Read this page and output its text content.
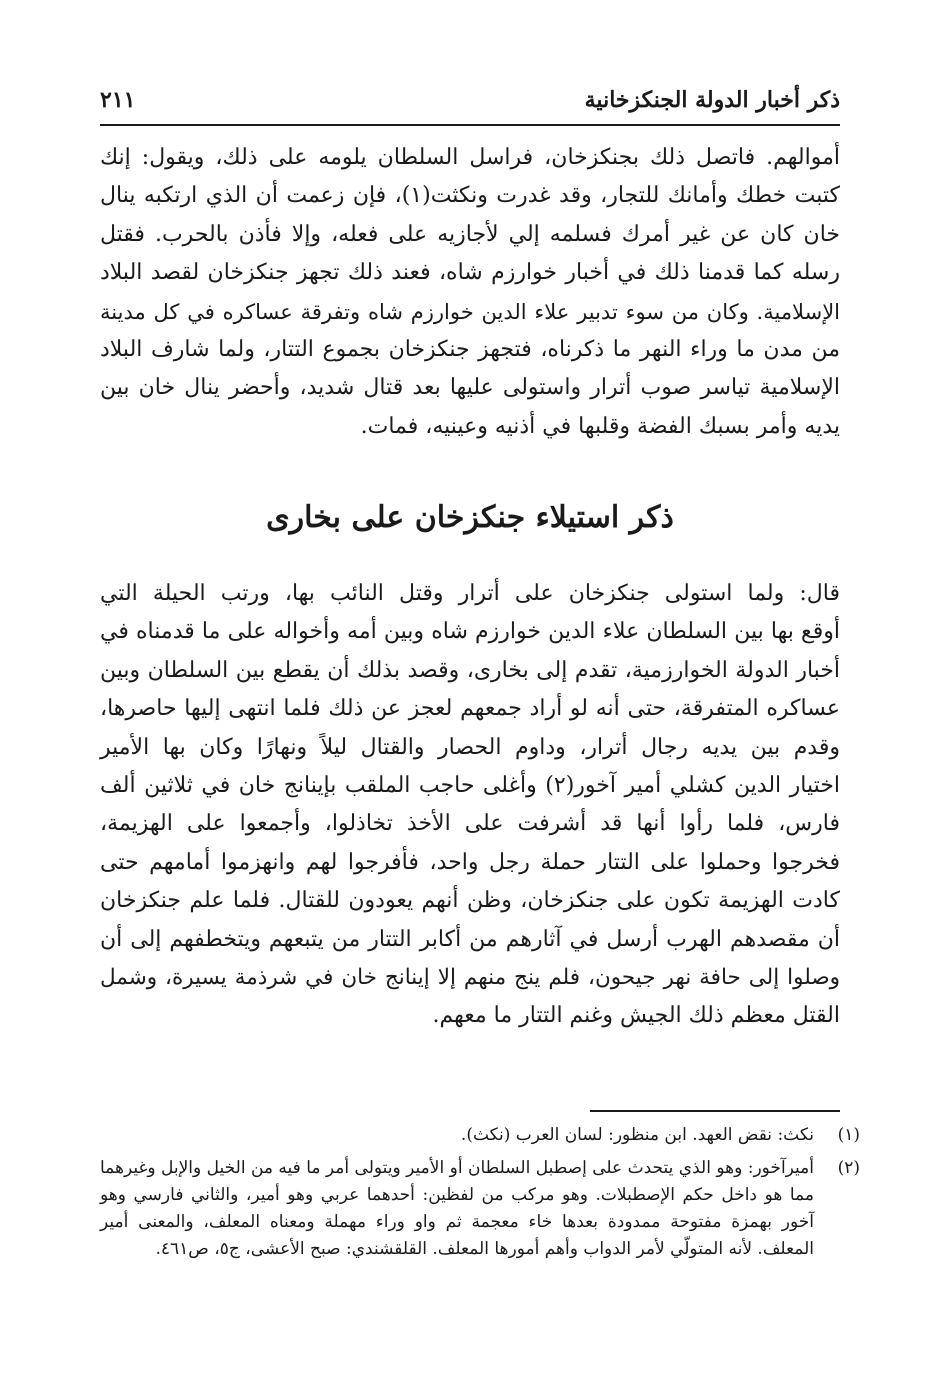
ذكر أخبار الدولة الجنكزخانية
٢١١
أموالهم. فاتصل ذلك بجنكزخان، فراسل السلطان يلومه على ذلك، ويقول: إنك
كتبت خطك وأمانك للتجار، وقد غدرت ونكثت(١)، فإن زعمت أن الذي ارتكبه ينال
خان كان عن غير أمرك فسلمه إلي لأجازيه على فعله، وإلا فأذن بالحرب. فقتل
رسله كما قدمنا ذلك في أخبار خوارزم شاه، فعند ذلك تجهز جنكزخان لقصد البلاد
الإسلامية. وكان من سوء تدبير علاء الدين خوارزم شاه وتفرقة عساكره في كل مدينة
من مدن ما وراء النهر ما ذكرناه، فتجهز جنكزخان بجموع التتار، ولما شارف البلاد
الإسلامية تياسر صوب أترار واستولى عليها بعد قتال شديد، وأحضر ينال خان بين
يديه وأمر بسبك الفضة وقلبها في أذنيه وعينيه، فمات.
ذكر استيلاء جنكزخان على بخارى
قال: ولما استولى جنكزخان على أترار وقتل النائب بها، ورتب الحيلة التي
أوقع بها بين السلطان علاء الدين خوارزم شاه وبين أمه وأخواله على ما قدمناه في
أخبار الدولة الخوارزمية، تقدم إلى بخارى، وقصد بذلك أن يقطع بين السلطان وبين
عساكره المتفرقة، حتى أنه لو أراد جمعهم لعجز عن ذلك فلما انتهى إليها حاصرها،
وقدم بين يديه رجال أترار، وداوم الحصار والقتال ليلاً ونهارًا وكان بها الأمير
اختيار الدين كشلي أمير آخور(٢) وأغلى حاجب الملقب بإينانج خان في ثلاثين ألف
فارس، فلما رأوا أنها قد أشرفت على الأخذ تخاذلوا، وأجمعوا على الهزيمة،
فخرجوا وحملوا على التتار حملة رجل واحد، فأفرجوا لهم وانهزموا أمامهم حتى
كادت الهزيمة تكون على جنكزخان، وظن أنهم يعودون للقتال. فلما علم جنكزخان
أن مقصدهم الهرب أرسل في آثارهم من أكابر التتار من يتبعهم ويتخطفهم إلى أن
وصلوا إلى حافة نهر جيحون، فلم ينج منهم إلا إينانج خان في شرذمة يسيرة، وشمل
القتل معظم ذلك الجيش وغنم التتار ما معهم.
(١)
نكث: نقض العهد. ابن منظور: لسان العرب (نكث).
(٢)
أميرآخور: وهو الذي يتحدث على إصطبل السلطان أو الأمير ويتولى أمر ما فيه من الخيل والإبل وغيرهما مما هو داخل حكم الإصطبلات. وهو مركب من لفظين: أحدهما عربي وهو أمير، والثاني فارسي وهو آخور بهمزة مفتوحة ممدودة بعدها خاء معجمة ثم واو وراء مهملة ومعناه المعلف، والمعنى أمير المعلف. لأنه المتولّي لأمر الدواب وأهم أمورها المعلف. القلقشندي: صبح الأعشى، ج٥، ص٤٦١.
